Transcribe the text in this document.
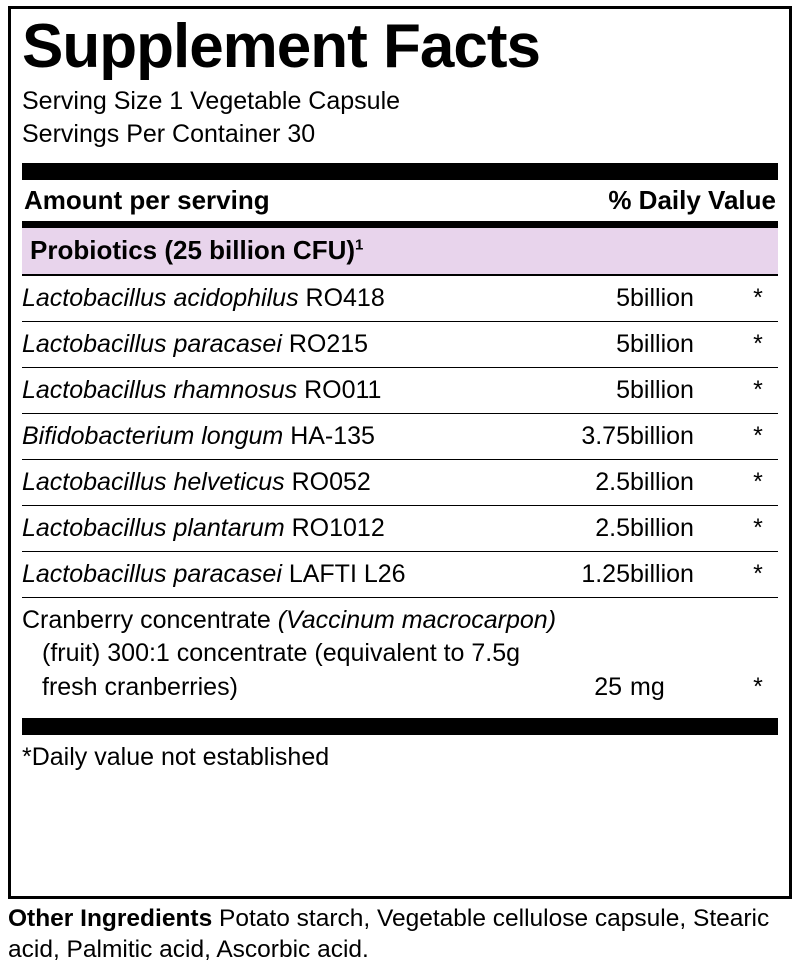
Supplement Facts
Serving Size 1 Vegetable Capsule
Servings Per Container 30
Amount per serving	% Daily Value
Probiotics (25 billion CFU)$^1$
Lactobacillus acidophilus RO418	5	billion	*
Lactobacillus paracasei RO215	5	billion	*
Lactobacillus rhamnosus RO011	5	billion	*
Bifidobacterium longum HA-135	3.75	billion	*
Lactobacillus helveticus RO052	2.5	billion	*
Lactobacillus plantarum RO1012	2.5	billion	*
Lactobacillus paracasei LAFTI L26	1.25	billion	*
Cranberry concentrate (Vaccinum macrocarpon)
(fruit) 300:1 concentrate (equivalent to 7.5g
fresh cranberries)	25 mg	*
*Daily value not established
Other Ingredients Potato starch, Vegetable cellulose capsule, Stearic acid, Palmitic acid, Ascorbic acid.
